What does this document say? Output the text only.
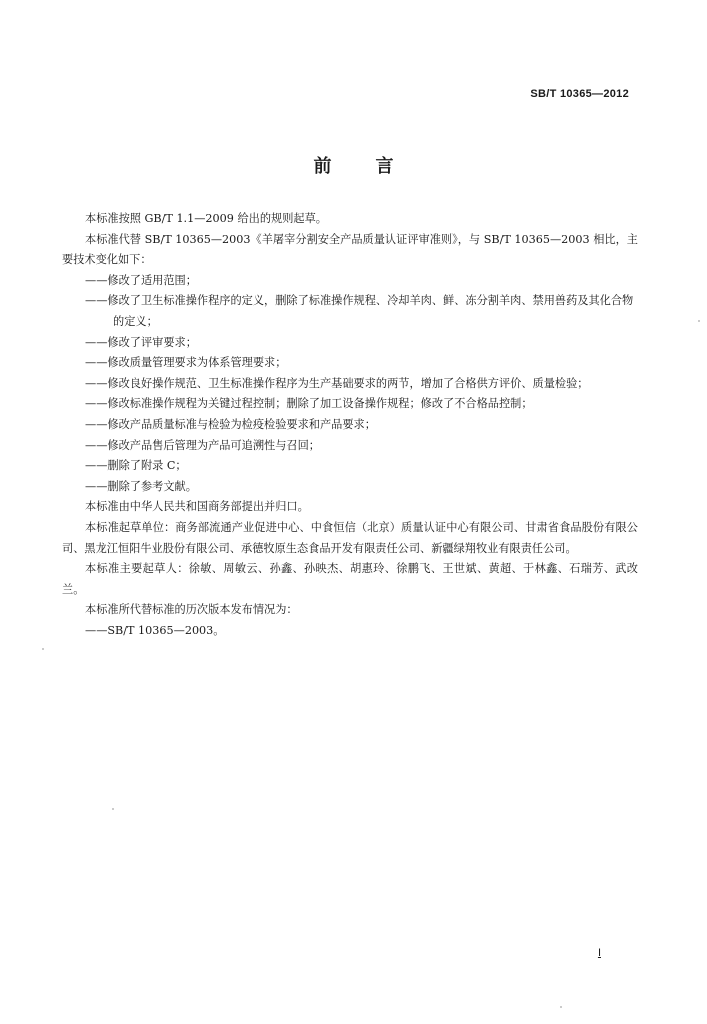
SB/T 10365—2012
前 言

本标准按照 GB/T 1.1—2009 给出的规则起草。

本标准代替 SB/T 10365—2003《羊屠宰分割安全产品质量认证评审准则》，与 SB/T 10365—2003 相比，主要技术变化如下：

——修改了适用范围；

——修改了卫生标准操作程序的定义，删除了标准操作规程、冷却羊肉、鲜、冻分割羊肉、禁用兽药及其化合物的定义；

——修改了评审要求；

——修改质量管理要求为体系管理要求；

——修改良好操作规范、卫生标准操作程序为生产基础要求的两节，增加了合格供方评价、质量检验；

——修改标准操作规程为关键过程控制；删除了加工设备操作规程；修改了不合格品控制；

——修改产品质量标准与检验为检疫检验要求和产品要求；

——修改产品售后管理为产品可追溯性与召回；

——删除了附录 C；

——删除了参考文献。

本标准由中华人民共和国商务部提出并归口。

本标准起草单位：商务部流通产业促进中心、中食恒信（北京）质量认证中心有限公司、甘肃省食品股份有限公司、黑龙江恒阳牛业股份有限公司、承德牧原生态食品开发有限责任公司、新疆绿翔牧业有限责任公司。

本标准主要起草人：徐敏、周敏云、孙鑫、孙映杰、胡惠玲、徐鹏飞、王世斌、黄超、于林鑫、石瑞芳、武改兰。

本标准所代替标准的历次版本发布情况为：

——SB/T 10365—2003。

I
